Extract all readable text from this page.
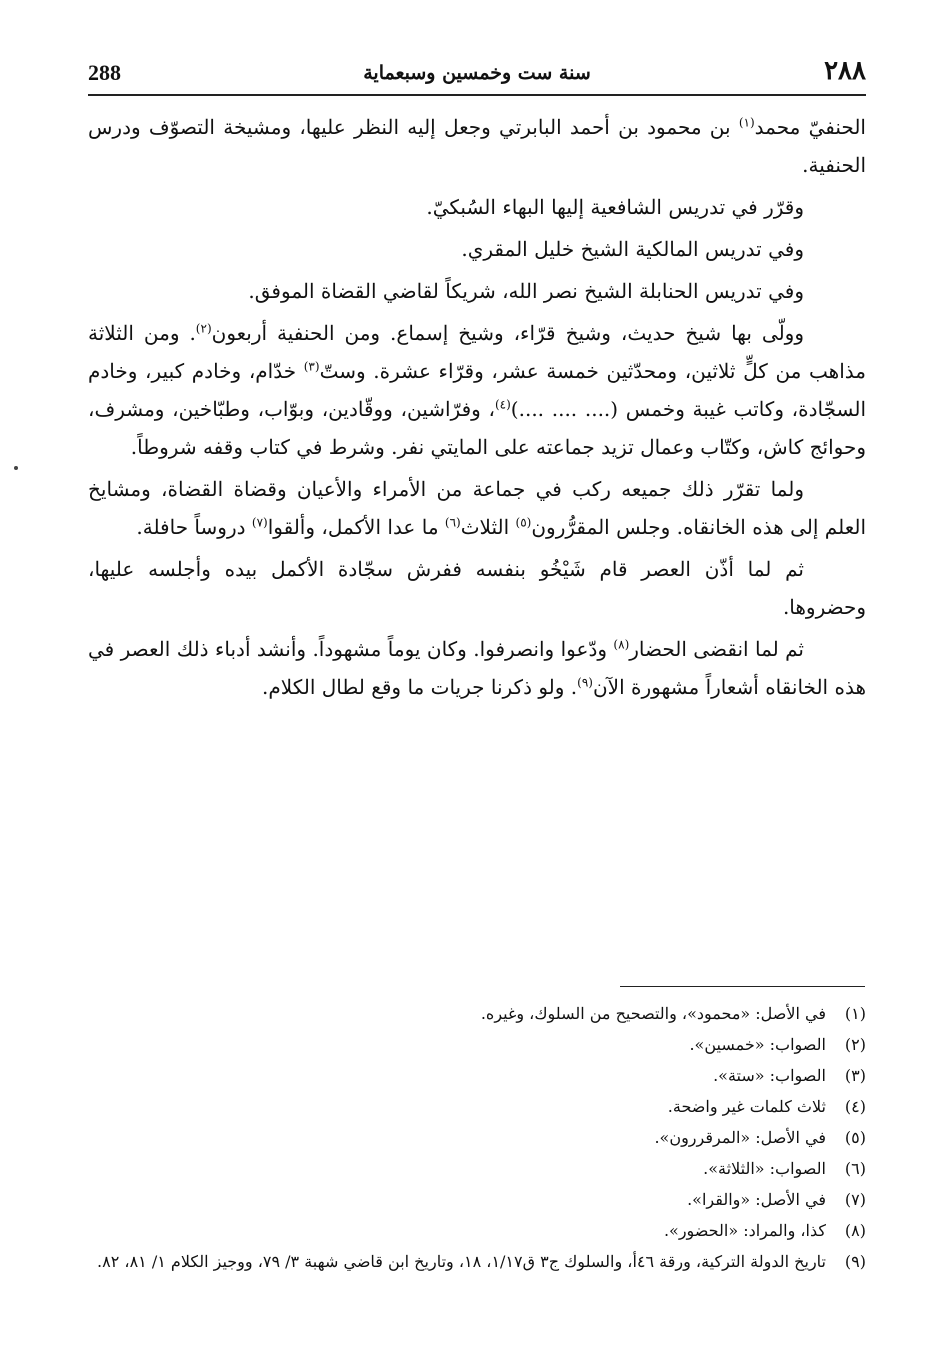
288	سنة ست وخمسين وسبعماية	٢٨٨

الحنفيّ محمد$^{(١)}$ بن محمود بن أحمد البابرتي وجعل إليه النظر عليها، ومشيخة التصوّف ودرس الحنفية.

وقرّر في تدريس الشافعية إليها البهاء السُبكيّ.

وفي تدريس المالكية الشيخ خليل المقري.

وفي تدريس الحنابلة الشيخ نصر الله، شريكاً لقاضي القضاة الموفق.

وولّى بها شيخ حديث، وشيخ قرّاء، وشيخ إسماع. ومن الحنفية أربعون$^{(٢)}$. ومن الثلاثة مذاهب من كلٍّ ثلاثين، ومحدّثين خمسة عشر، وقرّاء عشرة. وستّ$^{(٣)}$ خدّام، وخادم كبير، وخادم السجّادة، وكاتب غيبة وخمس (.... .... ....)$^{(٤)}$، وفرّاشين، ووقّادين، وبوّاب، وطبّاخين، ومشرف، وحوائج كاش، وكتّاب وعمال تزيد جماعته على المايتي نفر. وشرط في كتاب وقفه شروطاً.

ولما تقرّر ذلك جميعه ركب في جماعة من الأمراء والأعيان وقضاة القضاة، ومشايخ العلم إلى هذه الخانقاه. وجلس المقرُّرون$^{(٥)}$ الثلاث$^{(٦)}$ ما عدا الأكمل، وألقوا$^{(٧)}$ دروساً حافلة.

ثم لما أذّن العصر قام شَيْخُو بنفسه ففرش سجّادة الأكمل بيده وأجلسه عليها، وحضروها.

ثم لما انقضى الحضار$^{(٨)}$ ودّعوا وانصرفوا. وكان يوماً مشهوداً. وأنشد أدباء ذلك العصر في هذه الخانقاه أشعاراً مشهورة الآن$^{(٩)}$. ولو ذكرنا جريات ما وقع لطال الكلام.

(١)
في الأصل: «محمود»، والتصحيح من السلوك، وغيره.
(٢)
الصواب: «خمسين».
(٣)
الصواب: «ستة».
(٤)
ثلاث كلمات غير واضحة.
(٥)
في الأصل: «المرقررون».
(٦)
الصواب: «الثلاثة».
(٧)
في الأصل: «والقرا».
(٨)
كذا، والمراد: «الحضور».
(٩)
تاريخ الدولة التركية، ورقة ٤٦أ، والسلوك ج٣ ق١/١٧، ١٨، وتاريخ ابن قاضي شهبة ٣/ ٧٩، ووجيز الكلام ١/ ٨١، ٨٢.
